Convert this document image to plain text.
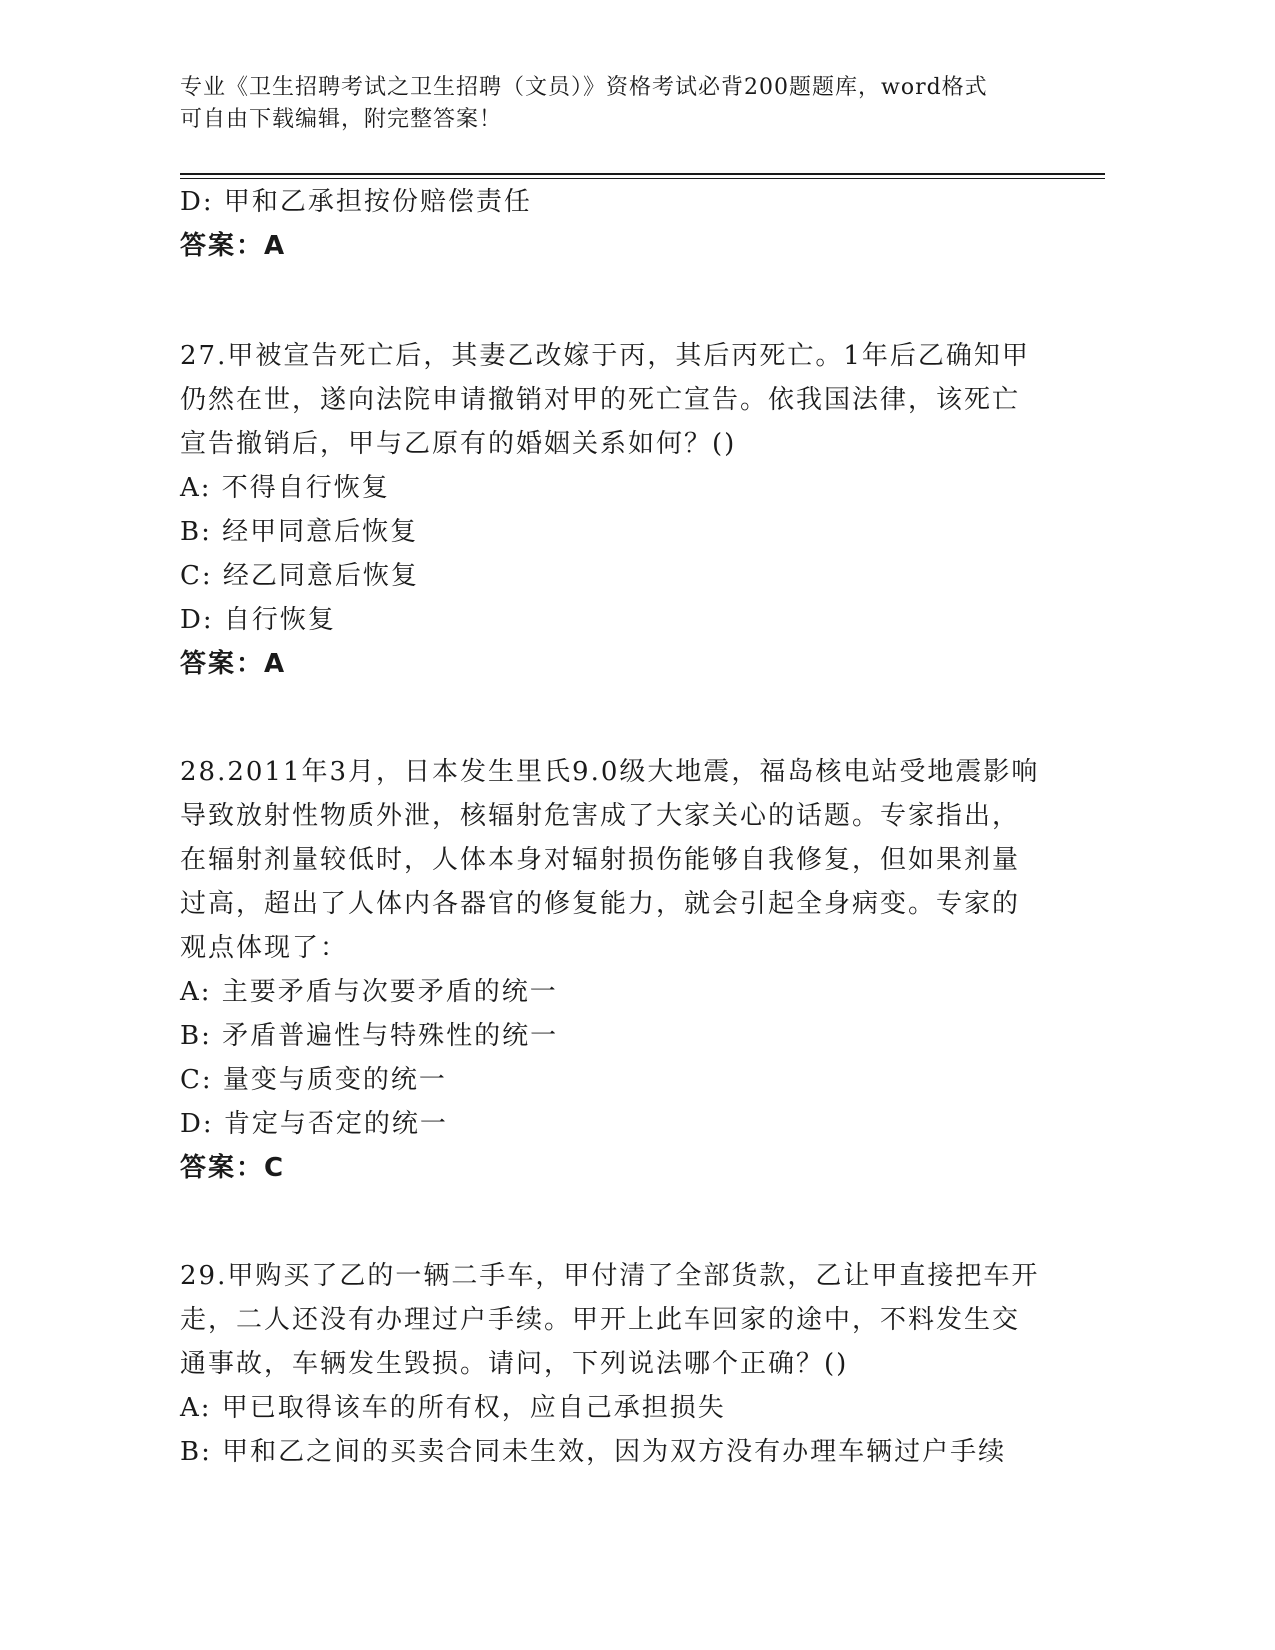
专业《卫生招聘考试之卫生招聘（文员）》资格考试必背200题题库，word格式
可自由下载编辑，附完整答案！
D: 甲和乙承担按份赔偿责任
答案：A
27.甲被宣告死亡后，其妻乙改嫁于丙，其后丙死亡。1年后乙确知甲
仍然在世，遂向法院申请撤销对甲的死亡宣告。依我国法律，该死亡
宣告撤销后，甲与乙原有的婚姻关系如何？()
A: 不得自行恢复
B: 经甲同意后恢复
C: 经乙同意后恢复
D: 自行恢复
答案：A
28.2011年3月，日本发生里氏9.0级大地震，福岛核电站受地震影响
导致放射性物质外泄，核辐射危害成了大家关心的话题。专家指出，
在辐射剂量较低时，人体本身对辐射损伤能够自我修复，但如果剂量
过高，超出了人体内各器官的修复能力，就会引起全身病变。专家的
观点体现了：
A: 主要矛盾与次要矛盾的统一
B: 矛盾普遍性与特殊性的统一
C: 量变与质变的统一
D: 肯定与否定的统一
答案：C
29.甲购买了乙的一辆二手车，甲付清了全部货款，乙让甲直接把车开
走，二人还没有办理过户手续。甲开上此车回家的途中，不料发生交
通事故，车辆发生毁损。请问，下列说法哪个正确？()
A: 甲已取得该车的所有权，应自己承担损失
B: 甲和乙之间的买卖合同未生效，因为双方没有办理车辆过户手续
